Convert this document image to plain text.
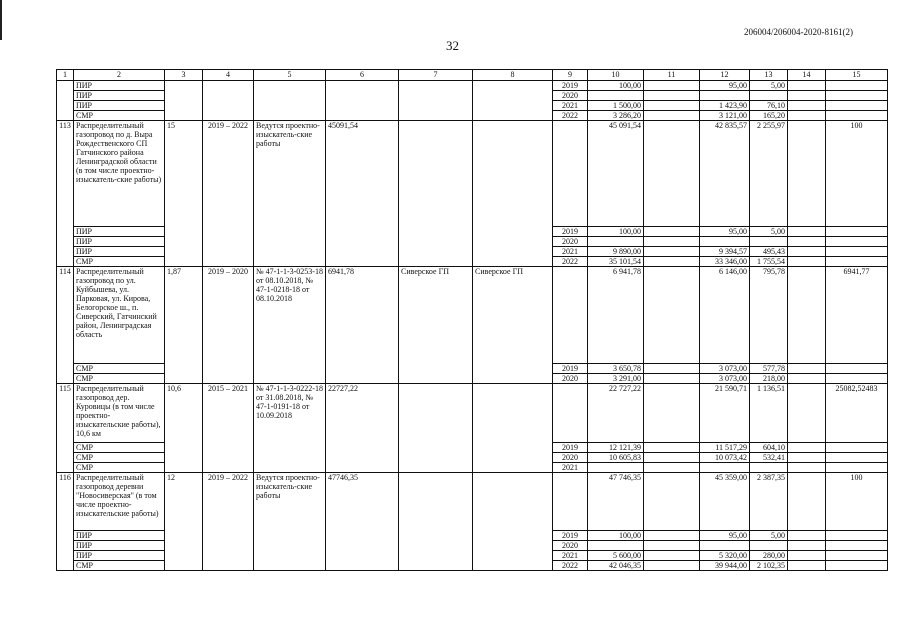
206004/206004-2020-8161(2)
32
1	2	3	4	5	6	7	8	9	10	11	12	13	14	15
	ПИР							2019	100,00		95,00	5,00		
	ПИР							2020						
	ПИР							2021	1 500,00		1 423,90	76,10		
	СМР							2022	3 286,20		3 121,00	165,20		
113	Распределительный газопровод по д. Выра Рождественского СП Гатчинского района Ленинградской области (в том числе проектно-изыскатель-ские работы)	15	2019 – 2022	Ведутся проектно-изыскатель-ские работы	45091,54				45 091,54		42 835,57	2 255,97		100
	ПИР							2019	100,00		95,00	5,00		
	ПИР							2020						
	ПИР							2021	9 890,00		9 394,57	495,43		
	СМР							2022	35 101,54		33 346,00	1 755,54		
114	Распределительный газопровод по ул. Куйбышева, ул. Парковая, ул. Кирова, Белогорское ш., п. Сиверский, Гатчинский район, Ленинградская область	1,87	2019 – 2020	№ 47-1-1-3-0253-18 от 08.10.2018, № 47-1-0218-18 от 08.10.2018	6941,78	Сиверское ГП	Сиверское ГП		6 941,78		6 146,00	795,78		6941,77
	СМР							2019	3 650,78		3 073,00	577,78		
	СМР							2020	3 291,00		3 073,00	218,00		
115	Распределительный газопровод дер. Куровицы (в том числе проектно-изыскательские работы), 10,6 км	10,6	2015 – 2021	№ 47-1-1-3-0222-18 от 31.08.2018, № 47-1-0191-18 от 10.09.2018	22727,22				22 727,22		21 590,71	1 136,51		25082,52483
	СМР							2019	12 121,39		11 517,29	604,10		
	СМР							2020	10 605,83		10 073,42	532,41		
	СМР							2021						
116	Распределительный газопровод деревни "Новосиверская" (в том числе проектно-изыскательские работы)	12	2019 – 2022	Ведутся проектно-изыскатель-ские работы	47746,35				47 746,35		45 359,00	2 387,35		100
	ПИР							2019	100,00		95,00	5,00		
	ПИР							2020						
	ПИР							2021	5 600,00		5 320,00	280,00		
	СМР							2022	42 046,35		39 944,00	2 102,35		
